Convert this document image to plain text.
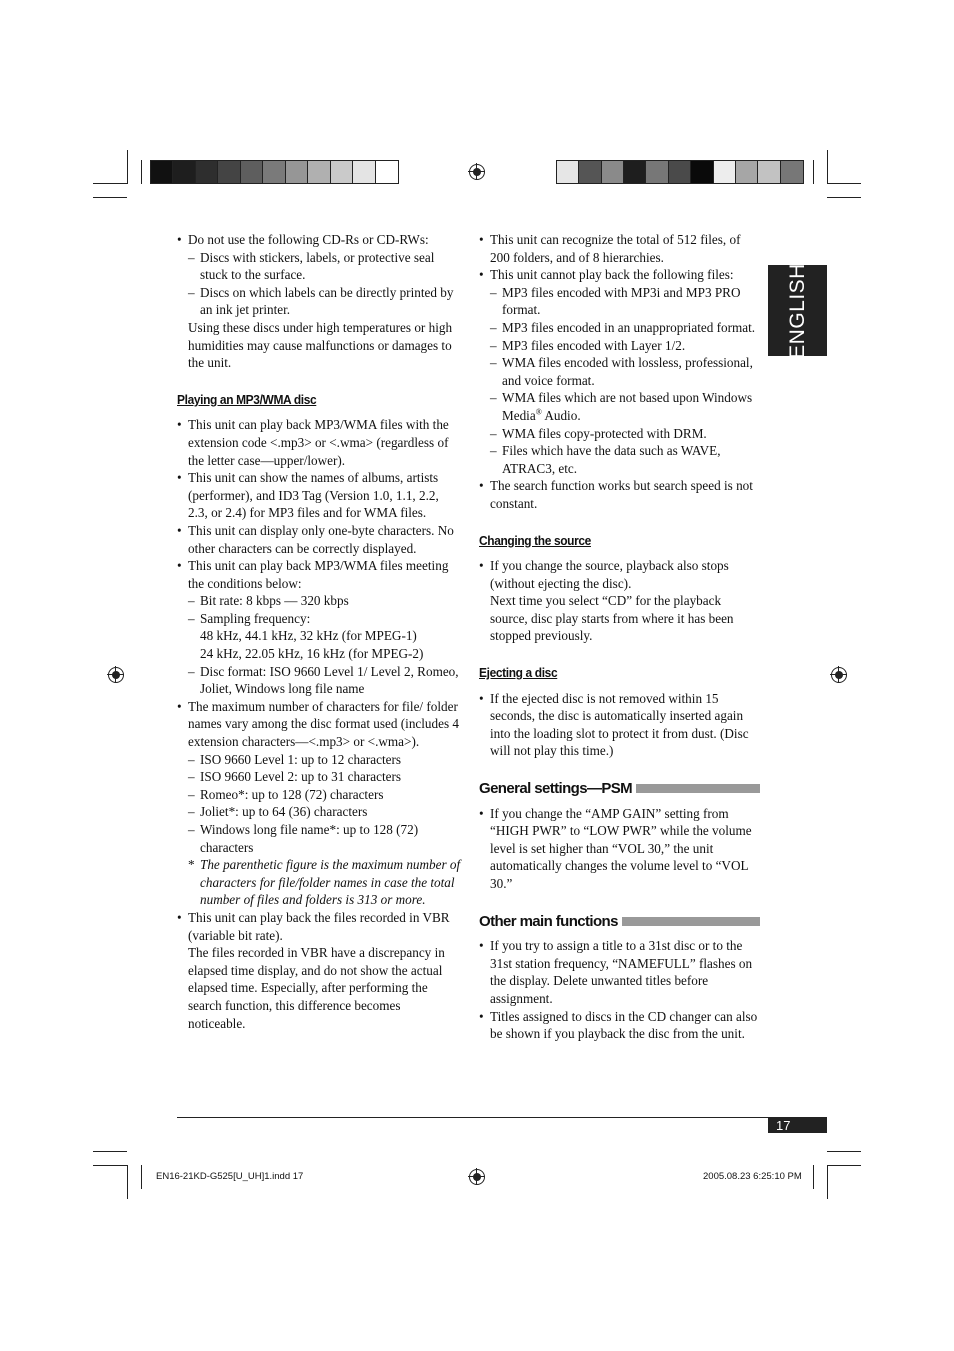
ENGLISH

• Do not use the following CD-Rs or CD-RWs:

– Discs with stickers, labels, or protective seal stuck to the surface.

– Discs on which labels can be directly printed by an ink jet printer.

Using these discs under high temperatures or high humidities may cause malfunctions or damages to the unit.

Playing an MP3/WMA disc

• This unit can play back MP3/WMA files with the extension code <.mp3> or <.wma> (regardless of the letter case—upper/lower).

• This unit can show the names of albums, artists (performer), and ID3 Tag (Version 1.0, 1.1, 2.2, 2.3, or 2.4) for MP3 files and for WMA files.

• This unit can display only one-byte characters. No other characters can be correctly displayed.

• This unit can play back MP3/WMA files meeting the conditions below:

– Bit rate: 8 kbps — 320 kbps

– Sampling frequency:

48 kHz, 44.1 kHz, 32 kHz (for MPEG-1)

24 kHz, 22.05 kHz, 16 kHz (for MPEG-2)

– Disc format: ISO 9660 Level 1/ Level 2, Romeo, Joliet, Windows long file name

• The maximum number of characters for file/ folder names vary among the disc format used (includes 4 extension characters—<.mp3> or <.wma>).

– ISO 9660 Level 1: up to 12 characters

– ISO 9660 Level 2: up to 31 characters

– Romeo*: up to 128 (72) characters

– Joliet*: up to 64 (36) characters

– Windows long file name*: up to 128 (72) characters

* The parenthetic figure is the maximum number of characters for file/folder names in case the total number of files and folders is 313 or more.

• This unit can play back the files recorded in VBR (variable bit rate).

The files recorded in VBR have a discrepancy in elapsed time display, and do not show the actual elapsed time. Especially, after performing the search function, this difference becomes noticeable.

• This unit can recognize the total of 512 files, of 200 folders, and of 8 hierarchies.

• This unit cannot play back the following files:

– MP3 files encoded with MP3i and MP3 PRO format.

– MP3 files encoded in an unappropriated format.

– MP3 files encoded with Layer 1/2.

– WMA files encoded with lossless, professional, and voice format.

– WMA files which are not based upon Windows Media® Audio.

– WMA files copy-protected with DRM.

– Files which have the data such as WAVE, ATRAC3, etc.

• The search function works but search speed is not constant.

Changing the source

• If you change the source, playback also stops (without ejecting the disc).

Next time you select “CD” for the playback source, disc play starts from where it has been stopped previously.

Ejecting a disc

• If the ejected disc is not removed within 15 seconds, the disc is automatically inserted again into the loading slot to protect it from dust. (Disc will not play this time.)

General settings—PSM

• If you change the “AMP GAIN” setting from “HIGH PWR” to “LOW PWR” while the volume level is set higher than “VOL 30,” the unit automatically changes the volume level to “VOL 30.”

Other main functions

• If you try to assign a title to a 31st disc or to the 31st station frequency, “NAMEFULL” flashes on the display. Delete unwanted titles before assignment.

• Titles assigned to discs in the CD changer can also be shown if you playback the disc from the unit.

17
EN16-21KD-G525[U_UH]1.indd 17	2005.08.23 6:25:10 PM
